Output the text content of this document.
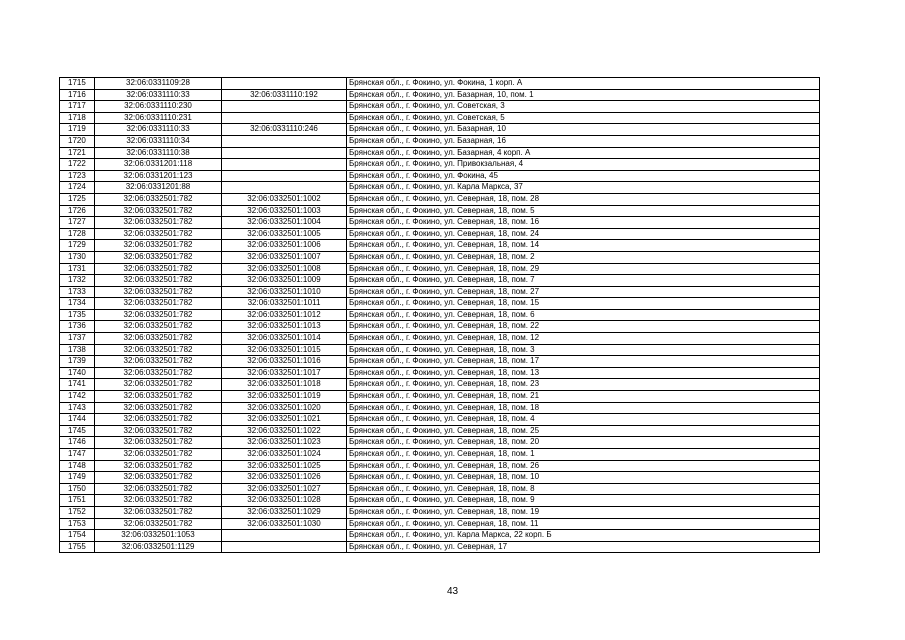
1715	32:06:0331109:28		Брянская обл., г. Фокино, ул. Фокина, 1 корп. А
1716	32:06:0331110:33	32:06:0331110:192	Брянская обл., г. Фокино, ул. Базарная, 10, пом. 1
1717	32:06:0331110:230		Брянская обл., г. Фокино, ул. Советская, 3
1718	32:06:0331110:231		Брянская обл., г. Фокино, ул. Советская, 5
1719	32:06:0331110:33	32:06:0331110:246	Брянская обл., г. Фокино, ул. Базарная, 10
1720	32:06:0331110:34		Брянская обл., г. Фокино, ул. Базарная, 16
1721	32:06:0331110:38		Брянская обл., г. Фокино, ул. Базарная, 4 корп. А
1722	32:06:0331201:118		Брянская обл., г. Фокино, ул. Привокзальная, 4
1723	32:06:0331201:123		Брянская обл., г. Фокино, ул. Фокина, 45
1724	32:06:0331201:88		Брянская обл., г. Фокино, ул. Карла Маркса, 37
1725	32:06:0332501:782	32:06:0332501:1002	Брянская обл., г. Фокино, ул. Северная, 18, пом. 28
1726	32:06:0332501:782	32:06:0332501:1003	Брянская обл., г. Фокино, ул. Северная, 18, пом. 5
1727	32:06:0332501:782	32:06:0332501:1004	Брянская обл., г. Фокино, ул. Северная, 18, пом. 16
1728	32:06:0332501:782	32:06:0332501:1005	Брянская обл., г. Фокино, ул. Северная, 18, пом. 24
1729	32:06:0332501:782	32:06:0332501:1006	Брянская обл., г. Фокино, ул. Северная, 18, пом. 14
1730	32:06:0332501:782	32:06:0332501:1007	Брянская обл., г. Фокино, ул. Северная, 18, пом. 2
1731	32:06:0332501:782	32:06:0332501:1008	Брянская обл., г. Фокино, ул. Северная, 18, пом. 29
1732	32:06:0332501:782	32:06:0332501:1009	Брянская обл., г. Фокино, ул. Северная, 18, пом. 7
1733	32:06:0332501:782	32:06:0332501:1010	Брянская обл., г. Фокино, ул. Северная, 18, пом. 27
1734	32:06:0332501:782	32:06:0332501:1011	Брянская обл., г. Фокино, ул. Северная, 18, пом. 15
1735	32:06:0332501:782	32:06:0332501:1012	Брянская обл., г. Фокино, ул. Северная, 18, пом. 6
1736	32:06:0332501:782	32:06:0332501:1013	Брянская обл., г. Фокино, ул. Северная, 18, пом. 22
1737	32:06:0332501:782	32:06:0332501:1014	Брянская обл., г. Фокино, ул. Северная, 18, пом. 12
1738	32:06:0332501:782	32:06:0332501:1015	Брянская обл., г. Фокино, ул. Северная, 18, пом. 3
1739	32:06:0332501:782	32:06:0332501:1016	Брянская обл., г. Фокино, ул. Северная, 18, пом. 17
1740	32:06:0332501:782	32:06:0332501:1017	Брянская обл., г. Фокино, ул. Северная, 18, пом. 13
1741	32:06:0332501:782	32:06:0332501:1018	Брянская обл., г. Фокино, ул. Северная, 18, пом. 23
1742	32:06:0332501:782	32:06:0332501:1019	Брянская обл., г. Фокино, ул. Северная, 18, пом. 21
1743	32:06:0332501:782	32:06:0332501:1020	Брянская обл., г. Фокино, ул. Северная, 18, пом. 18
1744	32:06:0332501:782	32:06:0332501:1021	Брянская обл., г. Фокино, ул. Северная, 18, пом. 4
1745	32:06:0332501:782	32:06:0332501:1022	Брянская обл., г. Фокино, ул. Северная, 18, пом. 25
1746	32:06:0332501:782	32:06:0332501:1023	Брянская обл., г. Фокино, ул. Северная, 18, пом. 20
1747	32:06:0332501:782	32:06:0332501:1024	Брянская обл., г. Фокино, ул. Северная, 18, пом. 1
1748	32:06:0332501:782	32:06:0332501:1025	Брянская обл., г. Фокино, ул. Северная, 18, пом. 26
1749	32:06:0332501:782	32:06:0332501:1026	Брянская обл., г. Фокино, ул. Северная, 18, пом. 10
1750	32:06:0332501:782	32:06:0332501:1027	Брянская обл., г. Фокино, ул. Северная, 18, пом. 8
1751	32:06:0332501:782	32:06:0332501:1028	Брянская обл., г. Фокино, ул. Северная, 18, пом. 9
1752	32:06:0332501:782	32:06:0332501:1029	Брянская обл., г. Фокино, ул. Северная, 18, пом. 19
1753	32:06:0332501:782	32:06:0332501:1030	Брянская обл., г. Фокино, ул. Северная, 18, пом. 11
1754	32:06:0332501:1053		Брянская обл., г. Фокино, ул. Карла Маркса, 22 корп. Б
1755	32:06:0332501:1129		Брянская обл., г. Фокино, ул. Северная, 17
43
